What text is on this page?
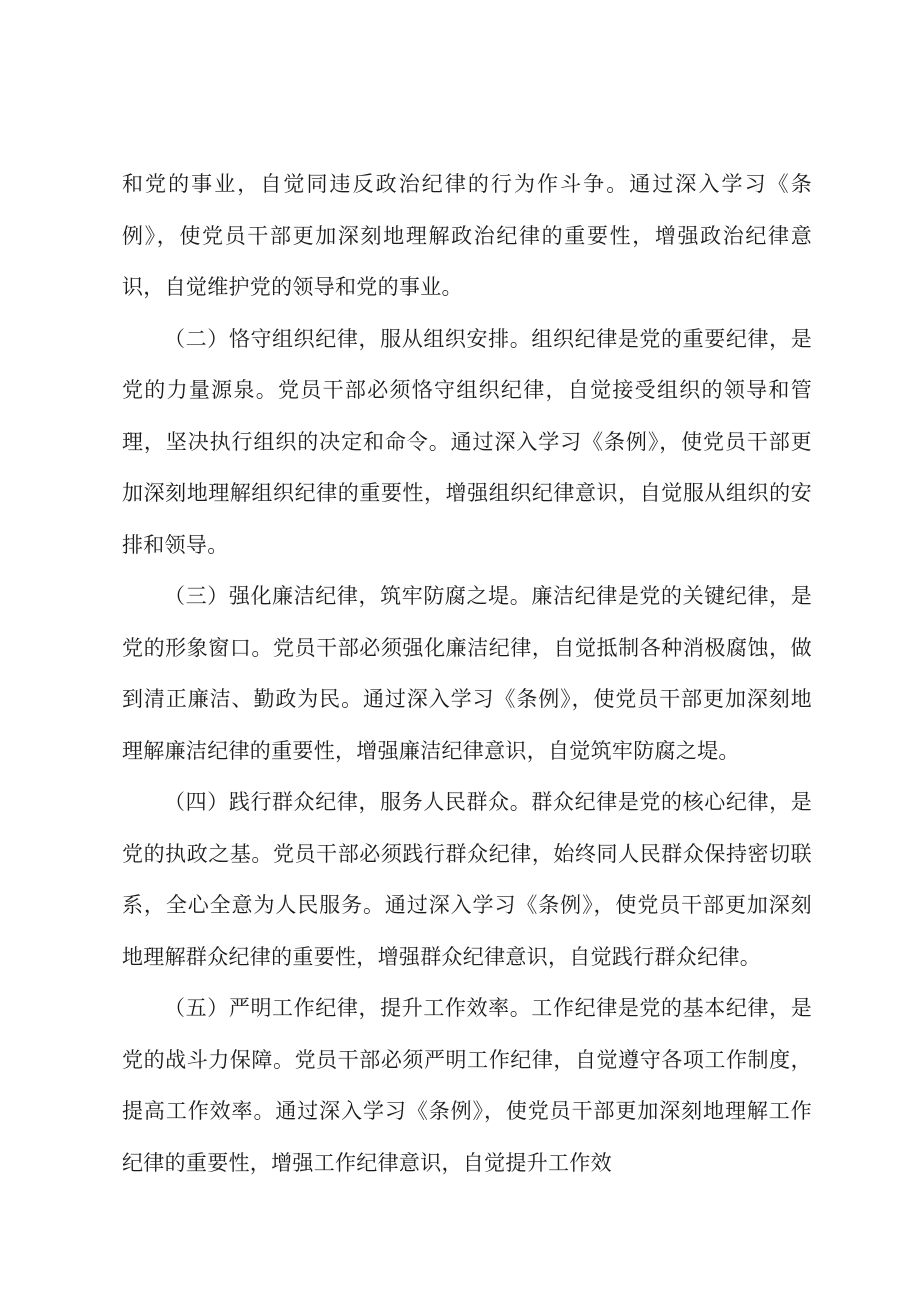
和党的事业，自觉同违反政治纪律的行为作斗争。通过深入学习《条例》，使党员干部更加深刻地理解政治纪律的重要性，增强政治纪律意识，自觉维护党的领导和党的事业。

（二）恪守组织纪律，服从组织安排。组织纪律是党的重要纪律，是党的力量源泉。党员干部必须恪守组织纪律，自觉接受组织的领导和管理，坚决执行组织的决定和命令。通过深入学习《条例》，使党员干部更加深刻地理解组织纪律的重要性，增强组织纪律意识，自觉服从组织的安排和领导。

（三）强化廉洁纪律，筑牢防腐之堤。廉洁纪律是党的关键纪律，是党的形象窗口。党员干部必须强化廉洁纪律，自觉抵制各种消极腐蚀，做到清正廉洁、勤政为民。通过深入学习《条例》，使党员干部更加深刻地理解廉洁纪律的重要性，增强廉洁纪律意识，自觉筑牢防腐之堤。

（四）践行群众纪律，服务人民群众。群众纪律是党的核心纪律，是党的执政之基。党员干部必须践行群众纪律，始终同人民群众保持密切联系，全心全意为人民服务。通过深入学习《条例》，使党员干部更加深刻地理解群众纪律的重要性，增强群众纪律意识，自觉践行群众纪律。

（五）严明工作纪律，提升工作效率。工作纪律是党的基本纪律，是党的战斗力保障。党员干部必须严明工作纪律，自觉遵守各项工作制度，提高工作效率。通过深入学习《条例》，使党员干部更加深刻地理解工作纪律的重要性，增强工作纪律意识，自觉提升工作效
